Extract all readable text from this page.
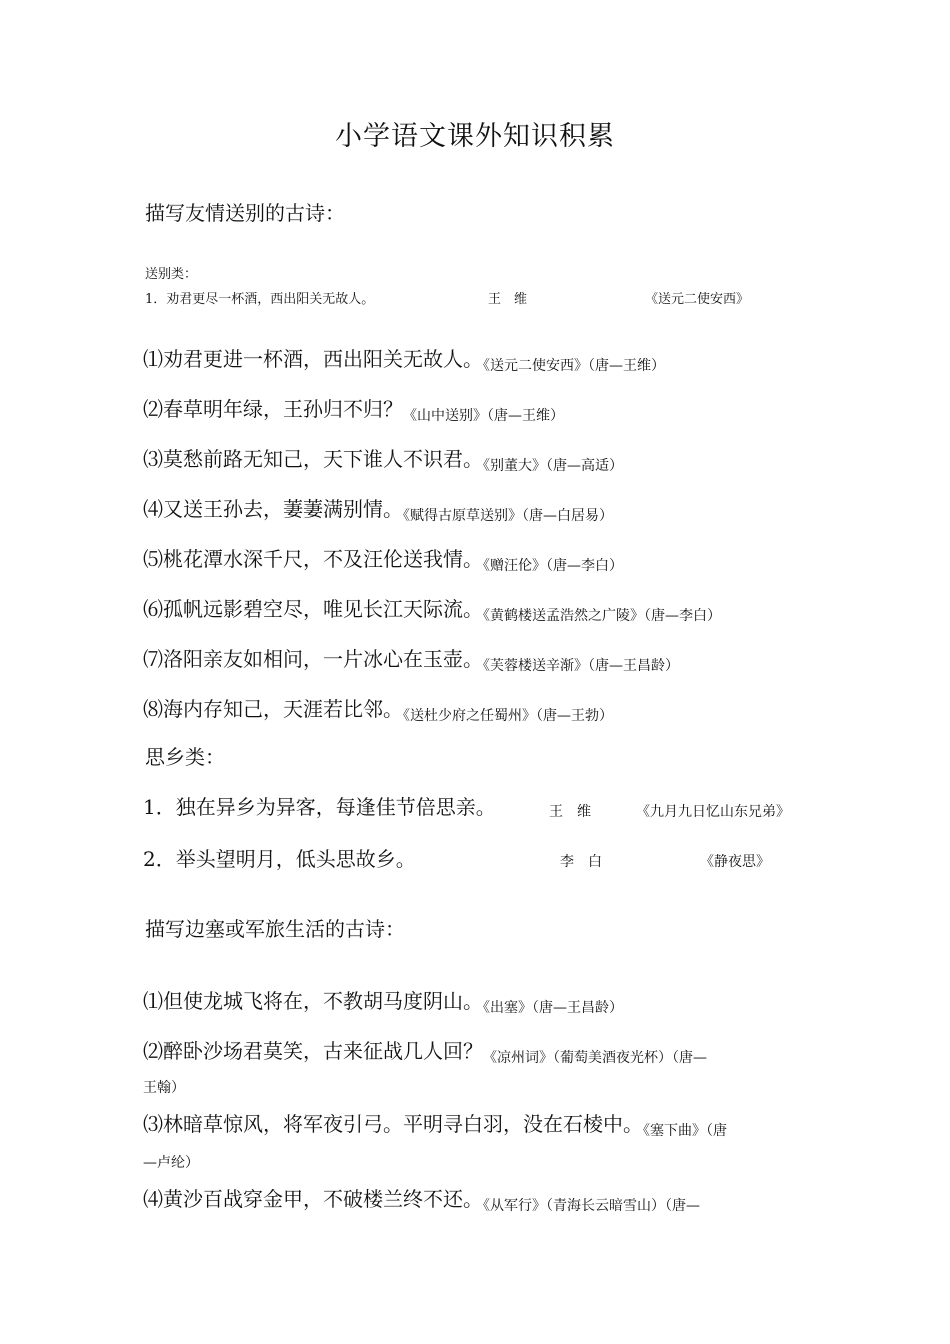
小学语文课外知识积累
描写友情送别的古诗：
送别类：
1．劝君更尽一杯酒，西出阳关无故人。	王　维	《送元二使安西》
⑴劝君更进一杯酒，西出阳关无故人。《送元二使安西》（唐—王维）
⑵春草明年绿，王孙归不归？《山中送别》（唐—王维）
⑶莫愁前路无知己，天下谁人不识君。《别董大》（唐—高适）
⑷又送王孙去，萋萋满别情。《赋得古原草送别》（唐—白居易）
⑸桃花潭水深千尺，不及汪伦送我情。《赠汪伦》（唐—李白）
⑹孤帆远影碧空尽，唯见长江天际流。《黄鹤楼送孟浩然之广陵》（唐—李白）
⑺洛阳亲友如相问，一片冰心在玉壶。《芙蓉楼送辛渐》（唐—王昌龄）
⑻海内存知己，天涯若比邻。《送杜少府之任蜀州》（唐—王勃）
思乡类：
1．独在异乡为异客，每逢佳节倍思亲。	王　维	《九月九日忆山东兄弟》
2．举头望明月，低头思故乡。	李　白	《静夜思》
描写边塞或军旅生活的古诗：
⑴但使龙城飞将在，不教胡马度阴山。《出塞》（唐—王昌龄）
⑵醉卧沙场君莫笑，古来征战几人回？《凉州词》（葡萄美酒夜光杯）（唐—
王翰）
⑶林暗草惊风，将军夜引弓。平明寻白羽，没在石棱中。《塞下曲》（唐
—卢纶）
⑷黄沙百战穿金甲，不破楼兰终不还。《从军行》（青海长云暗雪山）（唐—
